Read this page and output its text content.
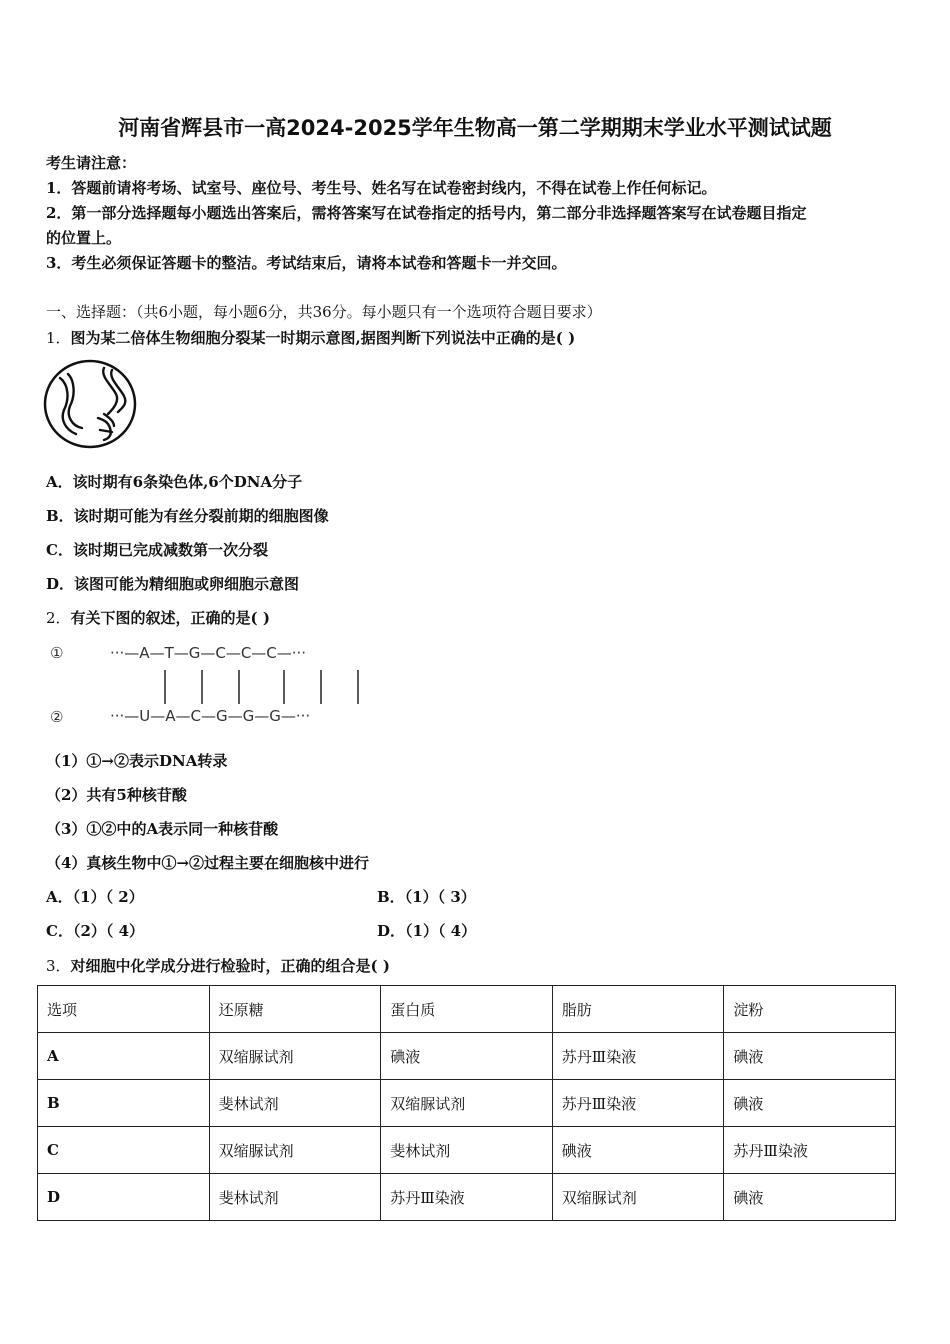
河南省辉县市一高2024-2025学年生物高一第二学期期末学业水平测试试题
考生请注意：
1．答题前请将考场、试室号、座位号、考生号、姓名写在试卷密封线内，不得在试卷上作任何标记。
2．第一部分选择题每小题选出答案后，需将答案写在试卷指定的括号内，第二部分非选择题答案写在试卷题目指定
的位置上。
3．考生必须保证答题卡的整洁。考试结束后，请将本试卷和答题卡一并交回。
一、选择题：（共6小题，每小题6分，共36分。每小题只有一个选项符合题目要求）
1．图为某二倍体生物细胞分裂某一时期示意图,据图判断下列说法中正确的是( )
A．该时期有6条染色体,6个DNA分子
B．该时期可能为有丝分裂前期的细胞图像
C．该时期已完成减数第一次分裂
D．该图可能为精细胞或卵细胞示意图
2．有关下图的叙述，正确的是( )
①
②
···—A—T—G—C—C—C—···
···—U—A—C—G—G—G—···
（1）①→②表示DNA转录
（2）共有5种核苷酸
（3）①②中的A表示同一种核苷酸
（4）真核生物中①→②过程主要在细胞核中进行
A．（1）（ 2）	B．（1）（ 3）
C．（2）（ 4）	D．（1）（ 4）
3．对细胞中化学成分进行检验时，正确的组合是( )
选项	还原糖	蛋白质	脂肪	淀粉
A	双缩脲试剂	碘液	苏丹Ⅲ染液	碘液
B	斐林试剂	双缩脲试剂	苏丹Ⅲ染液	碘液
C	双缩脲试剂	斐林试剂	碘液	苏丹Ⅲ染液
D	斐林试剂	苏丹Ⅲ染液	双缩脲试剂	碘液
